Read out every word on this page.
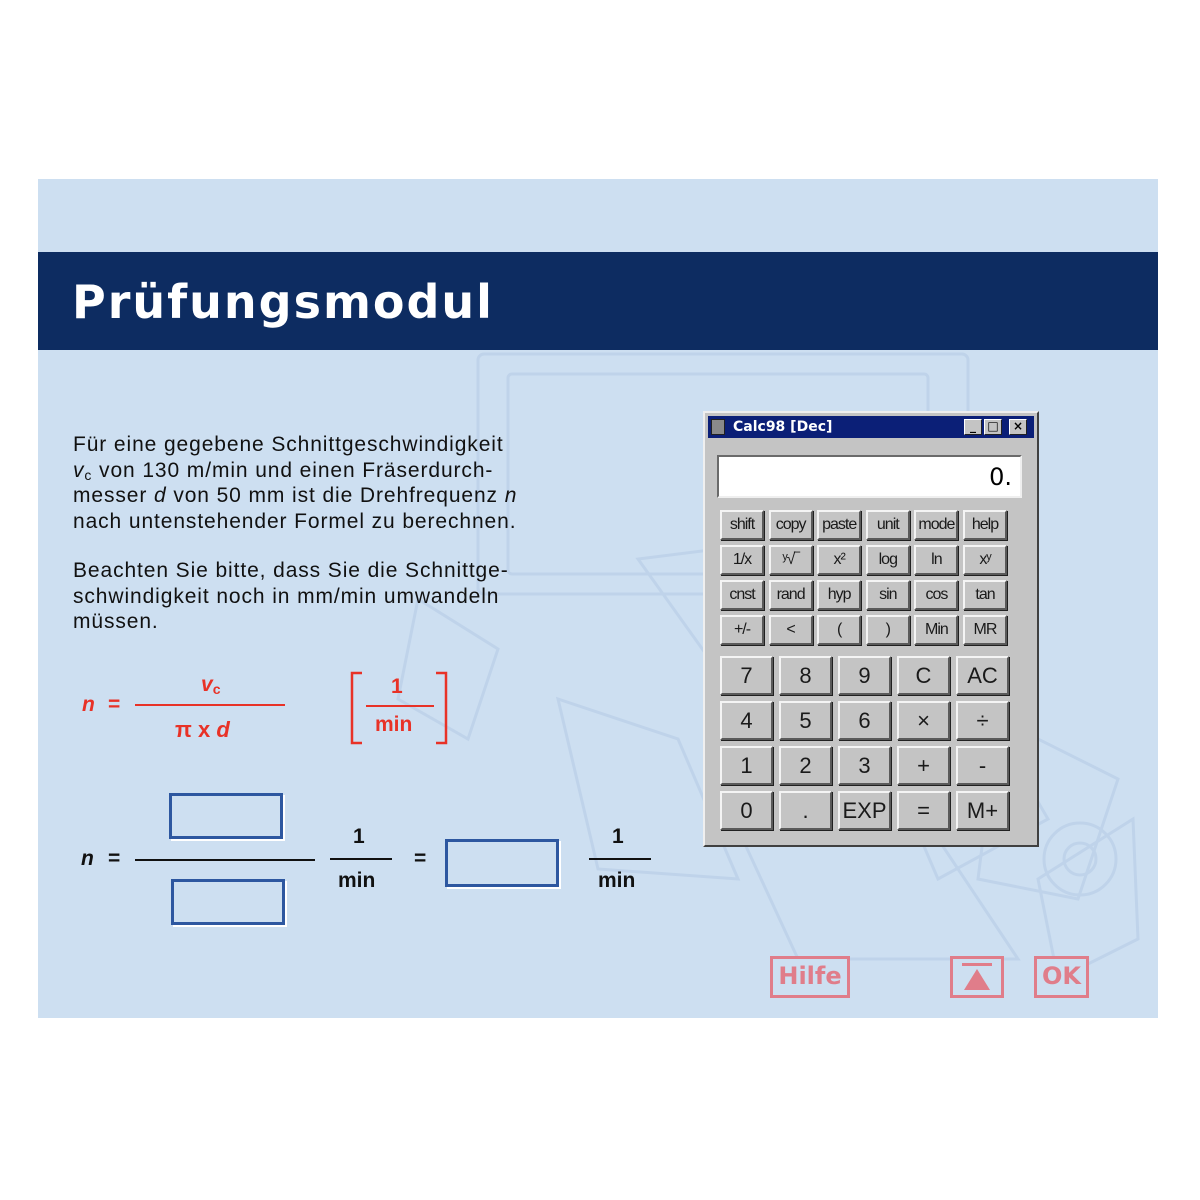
Prüfungsmodul

Für eine gegebene Schnittgeschwindigkeit
$v_c$ von 130 m/min und einen Fräserdurch-
messer d von 50 mm ist die Drehfrequenz n
nach untenstehender Formel zu berechnen.

Beachten Sie bitte, dass Sie die Schnittge-
schwindigkeit noch in mm/min umwandeln
müssen.

n =
$v_c$
π x d
1
min
n =
1
min
=
1
min
Calc98 [Dec]	_ □	×
0.
shift	copy	paste	unit	mode	help
1/x	ʸ√‾	x²	log	ln	xʸ
cnst	rand	hyp	sin	cos	tan
+/-	<	(	)	Min	MR
7	8	9	C	AC
4	5	6	×	÷
1	2	3	+	-
0	.	EXP	=	M+
Hilfe	OK
